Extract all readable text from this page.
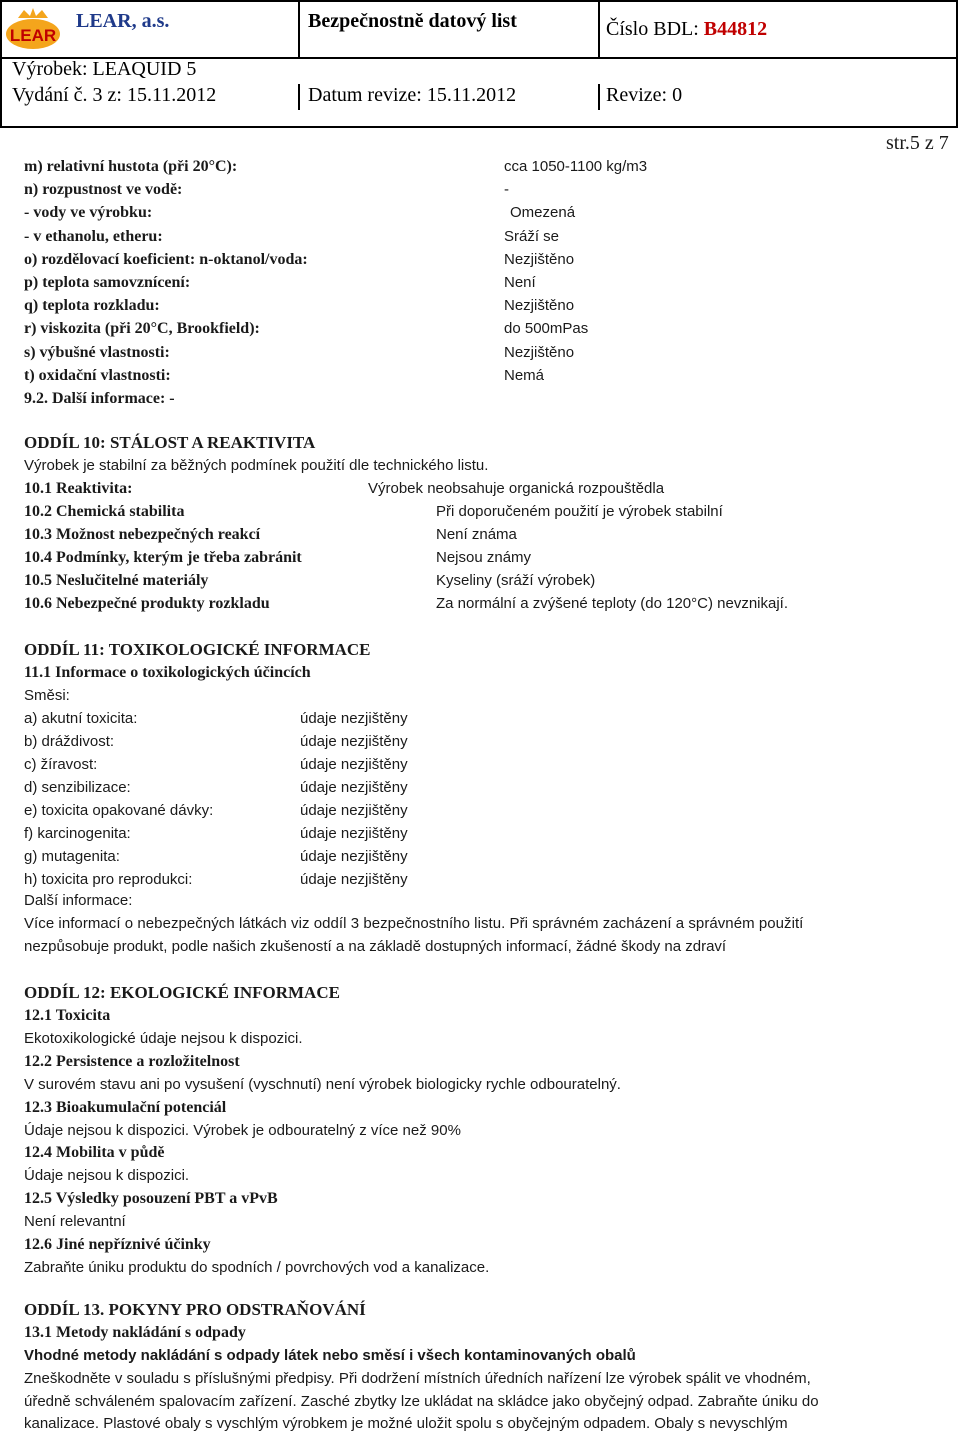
LEAR
LEAR, a.s.	Bezpečnostně datový list	Číslo BDL: B44812
Výrobek: LEAQUID 5
Vydání č. 3 z: 15.11.2012	Datum revize: 15.11.2012	Revize: 0
str.5 z 7
m) relativní hustota (při 20°C):	cca 1050-1100 kg/m3
n) rozpustnost ve vodě:	-
- vody ve výrobku:	Omezená
- v ethanolu, etheru:	Sráží se
o) rozdělovací koeficient: n-oktanol/voda:	Nezjištěno
p) teplota samovznícení:	Není
q) teplota rozkladu:	Nezjištěno
r) viskozita (při 20°C, Brookfield):	do 500mPas
s) výbušné vlastnosti:	Nezjištěno
t) oxidační vlastnosti:	Nemá
9.2. Další informace: -
ODDÍL 10: STÁLOST A REAKTIVITA
Výrobek je stabilní za běžných podmínek použití dle technického listu.
10.1 Reaktivita:	Výrobek neobsahuje organická rozpouštědla
10.2 Chemická stabilita	Při doporučeném použití je výrobek stabilní
10.3 Možnost nebezpečných reakcí	Není známa
10.4 Podmínky, kterým je třeba zabránit	Nejsou známy
10.5 Neslučitelné materiály	Kyseliny (sráží výrobek)
10.6 Nebezpečné produkty rozkladu	Za normální a zvýšené teploty (do 120°C) nevznikají.
ODDÍL 11: TOXIKOLOGICKÉ INFORMACE
11.1 Informace o toxikologických účincích
Směsi:
a) akutní toxicita:	údaje nezjištěny
b) dráždivost:	údaje nezjištěny
c) žíravost:	údaje nezjištěny
d) senzibilizace:	údaje nezjištěny
e) toxicita opakované dávky:	údaje nezjištěny
f) karcinogenita:	údaje nezjištěny
g) mutagenita:	údaje nezjištěny
h) toxicita pro reprodukci:	údaje nezjištěny
Další informace:
Více informací o nebezpečných látkách viz oddíl 3 bezpečnostního listu. Při správném zacházení a správném použití
nezpůsobuje produkt, podle našich zkušeností a na základě dostupných informací, žádné škody na zdraví
ODDÍL 12: EKOLOGICKÉ INFORMACE
12.1 Toxicita
Ekotoxikologické údaje nejsou k dispozici.
12.2 Persistence a rozložitelnost
V surovém stavu ani po vysušení (vyschnutí) není výrobek biologicky rychle odbouratelný.
12.3 Bioakumulační potenciál
Údaje nejsou k dispozici. Výrobek je odbouratelný z více než 90%
12.4 Mobilita v půdě
Údaje nejsou k dispozici.
12.5 Výsledky posouzení PBT a vPvB
Není relevantní
12.6 Jiné nepříznivé účinky
Zabraňte úniku produktu do spodních / povrchových vod a kanalizace.
ODDÍL 13. POKYNY PRO ODSTRAŇOVÁNÍ
13.1 Metody nakládání s odpady
Vhodné metody nakládání s odpady látek nebo směsí i všech kontaminovaných obalů
Zneškodněte v souladu s příslušnými předpisy. Při dodržení místních úředních nařízení lze výrobek spálit ve vhodném,
úředně schváleném spalovacím zařízení. Zasché zbytky lze ukládat na skládce jako obyčejný odpad. Zabraňte úniku do
kanalizace. Plastové obaly s vyschlým výrobkem je možné uložit spolu s obyčejným odpadem. Obaly s nevyschlým
